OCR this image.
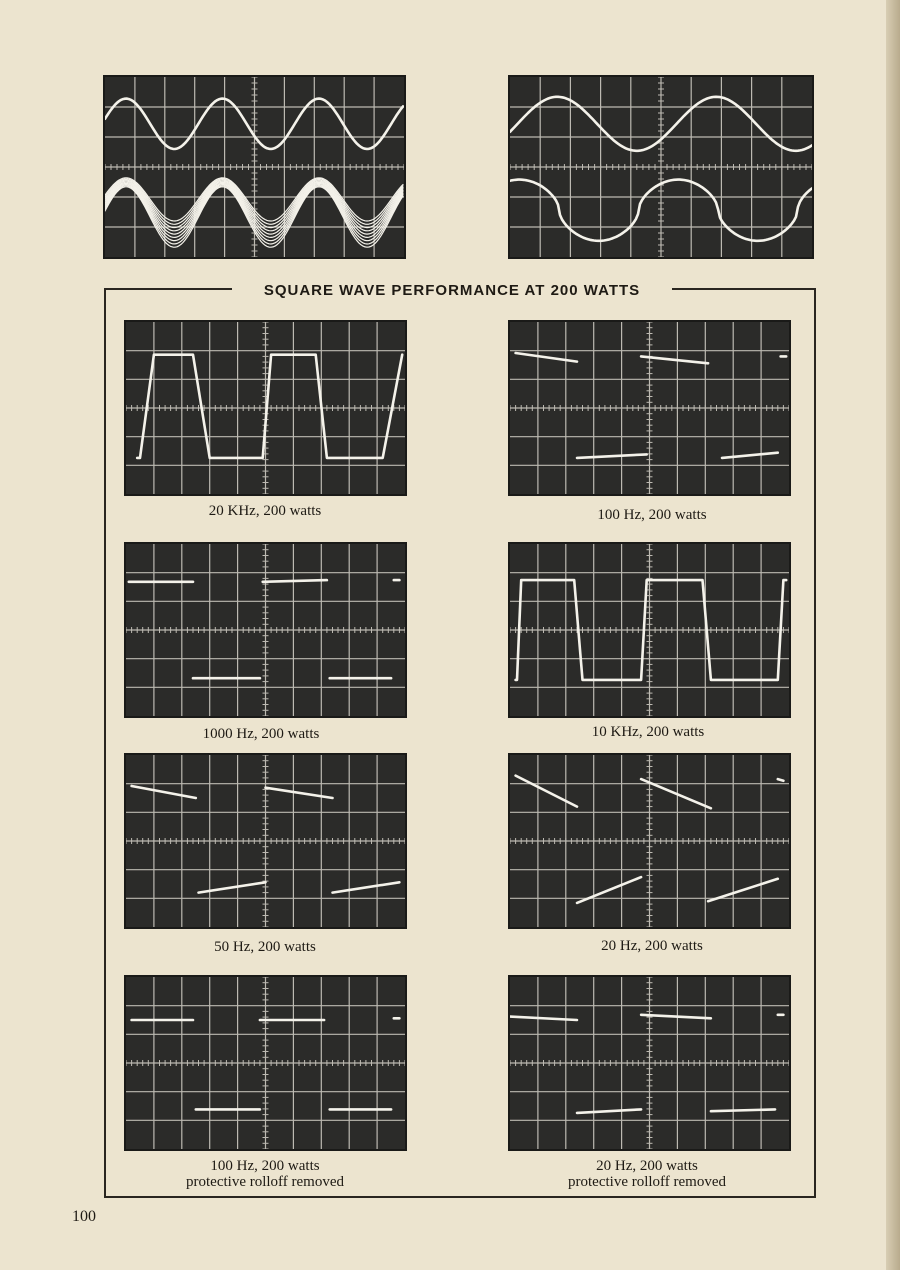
SQUARE WAVE PERFORMANCE AT 200 WATTS
20 KHz, 200 watts	100 Hz, 200 watts
1000 Hz, 200 watts	10 KHz, 200 watts
50 Hz, 200 watts	20 Hz, 200 watts
100 Hz, 200 watts
protective rolloff removed
20 Hz, 200 watts
protective rolloff removed
100
